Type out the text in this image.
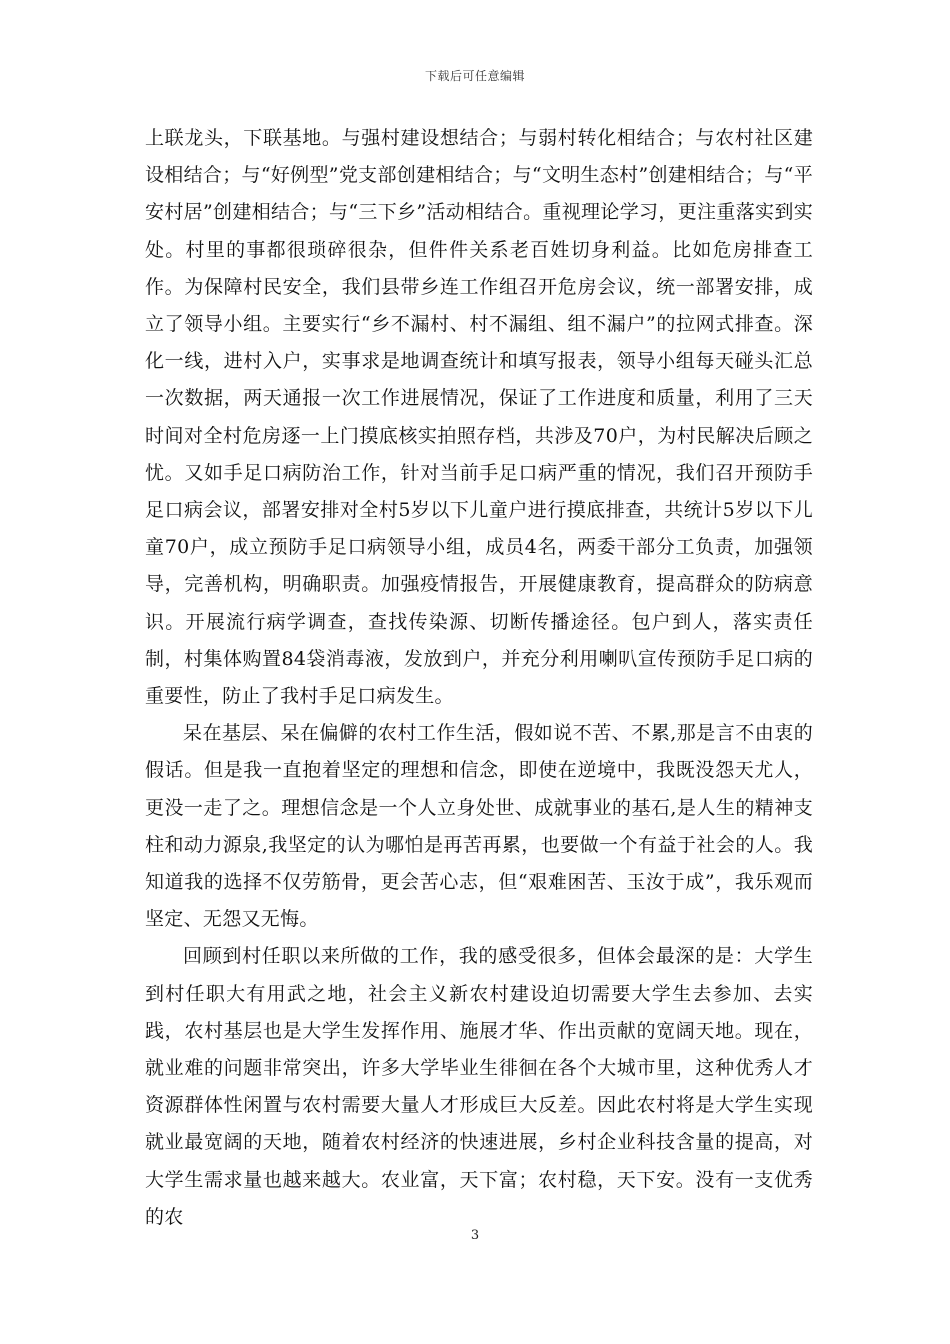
下载后可任意编辑

上联龙头，下联基地。与强村建设想结合；与弱村转化相结合；与农村社区建设相结合；与“好例型”党支部创建相结合；与“文明生态村”创建相结合；与“平安村居”创建相结合；与“三下乡”活动相结合。重视理论学习，更注重落实到实处。村里的事都很琐碎很杂，但件件关系老百姓切身利益。比如危房排查工作。为保障村民安全，我们县带乡连工作组召开危房会议，统一部署安排，成立了领导小组。主要实行“乡不漏村、村不漏组、组不漏户”的拉网式排查。深化一线，进村入户，实事求是地调查统计和填写报表，领导小组每天碰头汇总一次数据，两天通报一次工作进展情况，保证了工作进度和质量，利用了三天时间对全村危房逐一上门摸底核实拍照存档，共涉及70户，为村民解决后顾之忧。又如手足口病防治工作，针对当前手足口病严重的情况，我们召开预防手足口病会议，部署安排对全村5岁以下儿童户进行摸底排查，共统计5岁以下儿童70户，成立预防手足口病领导小组，成员4名，两委干部分工负责，加强领导，完善机构，明确职责。加强疫情报告，开展健康教育，提高群众的防病意识。开展流行病学调查，查找传染源、切断传播途径。包户到人，落实责任制，村集体购置84袋消毒液，发放到户，并充分利用喇叭宣传预防手足口病的重要性，防止了我村手足口病发生。

呆在基层、呆在偏僻的农村工作生活，假如说不苦、不累,那是言不由衷的假话。但是我一直抱着坚定的理想和信念，即使在逆境中，我既没怨天尤人，更没一走了之。理想信念是一个人立身处世、成就事业的基石,是人生的精神支柱和动力源泉,我坚定的认为哪怕是再苦再累，也要做一个有益于社会的人。我知道我的选择不仅劳筋骨，更会苦心志，但“艰难困苦、玉汝于成”，我乐观而坚定、无怨又无悔。

回顾到村任职以来所做的工作，我的感受很多，但体会最深的是：大学生到村任职大有用武之地，社会主义新农村建设迫切需要大学生去参加、去实践，农村基层也是大学生发挥作用、施展才华、作出贡献的宽阔天地。现在，就业难的问题非常突出，许多大学毕业生徘徊在各个大城市里，这种优秀人才资源群体性闲置与农村需要大量人才形成巨大反差。因此农村将是大学生实现就业最宽阔的天地，随着农村经济的快速进展，乡村企业科技含量的提高，对大学生需求量也越来越大。农业富，天下富；农村稳，天下安。没有一支优秀的农

3
